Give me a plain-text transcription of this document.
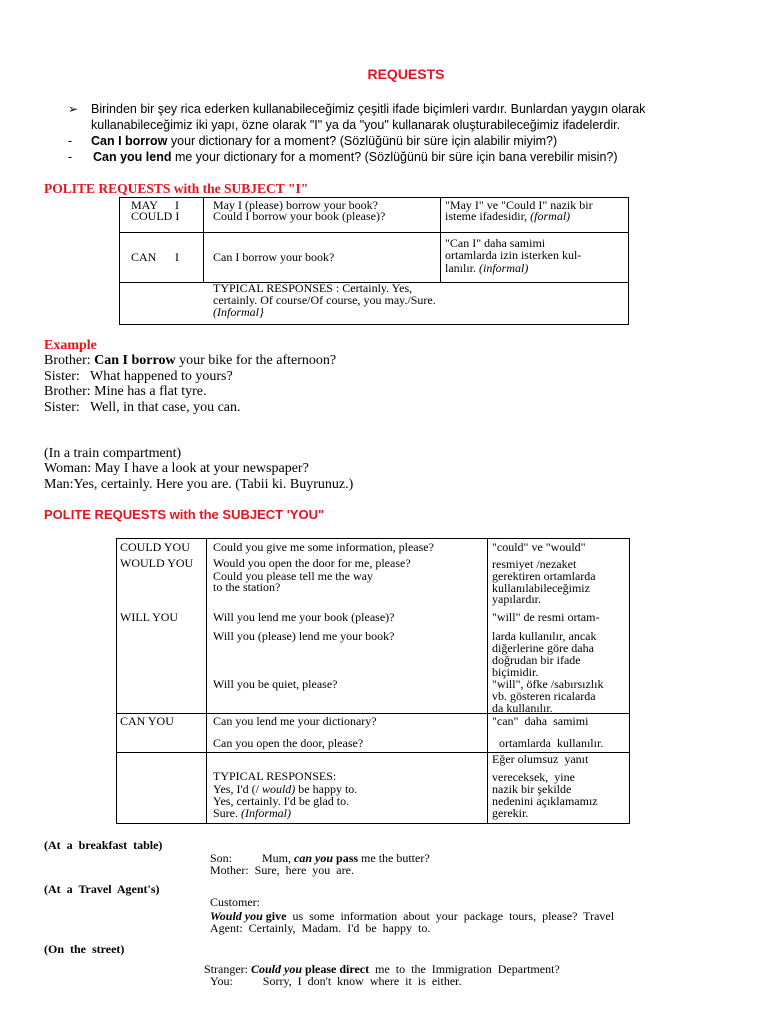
REQUESTS
➢ Birinden bir şey rica ederken kullanabileceğimiz çeşitli ifade biçimleri vardır. Bunlardan yaygın olarak
kullanabileceğimiz iki yapı, özne olarak "I" ya da "you" kullanarak oluşturabileceğimiz ifadelerdir.
- Can I borrow your dictionary for a moment? (Sözlüğünü bir süre için alabilir miyim?)
- Can you lend me your dictionary for a moment? (Sözlüğünü bir süre için bana verebilir misin?)
POLITE REQUESTS with the SUBJECT "I"
MAY I
COULD I
May I (please) borrow your book?
Could I borrow your book (please)?
"May I" ve "Could I" nazik bir
isteme ifadesidir, (formal)
CAN I	Can I borrow your book?
"Can I" daha samimi
ortamlarda izin isterken kul-
lanılır. (informal)
TYPICAL RESPONSES : Certainly. Yes,
certainly. Of course/Of course, you may./Sure.
(Informal}
Example
Brother: Can I borrow your bike for the afternoon?
Sister:   What happened to yours?
Brother: Mine has a flat tyre.
Sister:   Well, in that case, you can.
(In a train compartment)
Woman: May I have a look at your newspaper?
Man:Yes, certainly. Here you are. (Tabii ki. Buyrunuz.)
POLITE REQUESTS with the SUBJECT 'YOU"
COULD YOU
WOULD YOU
WILL YOU
CAN YOU
Could you give me some information, please?
Would you open the door for me, please?
Could you please tell me the way
to the station?
Will you lend me your book (please)?
Will you (please) lend me your book?
Will you be quiet, please?
Can you lend me your dictionary?
Can you open the door, please?
TYPICAL RESPONSES:
Yes, I'd (/ would) be happy to.
Yes, certainly. I'd be glad to.
Sure. (Informal)
"could" ve "would"
resmiyet /nezaket
gerektiren ortamlarda
kullanılabileceğimiz
yapılardır.
"will" de resmi ortam-
larda kullanılır, ancak
diğerlerine göre daha
doğrudan bir ifade
biçimidir.
"will", öfke /sabırsızlık
vb. gösteren ricalarda
da kullanılır.
"can"  daha  samimi
ortamlarda  kullanılır.
Eğer olumsuz  yanıt
vereceksek,  yine
nazik bir şekilde
nedenini açıklamamız
gerekir.
(At  a  breakfast  table)
Son:          Mum, can you pass me the butter?
Mother:  Sure,  here  you  are.
(At  a  Travel  Agent's)
Customer:
Would you give  us  some  information  about  your  package  tours,  please?  Travel
Agent:  Certainly,  Madam.  I'd  be  happy  to.
(On  the  street)
Stranger: Could you please direct  me  to  the  Immigration  Department?
You:          Sorry,  I  don't  know  where  it  is  either.
